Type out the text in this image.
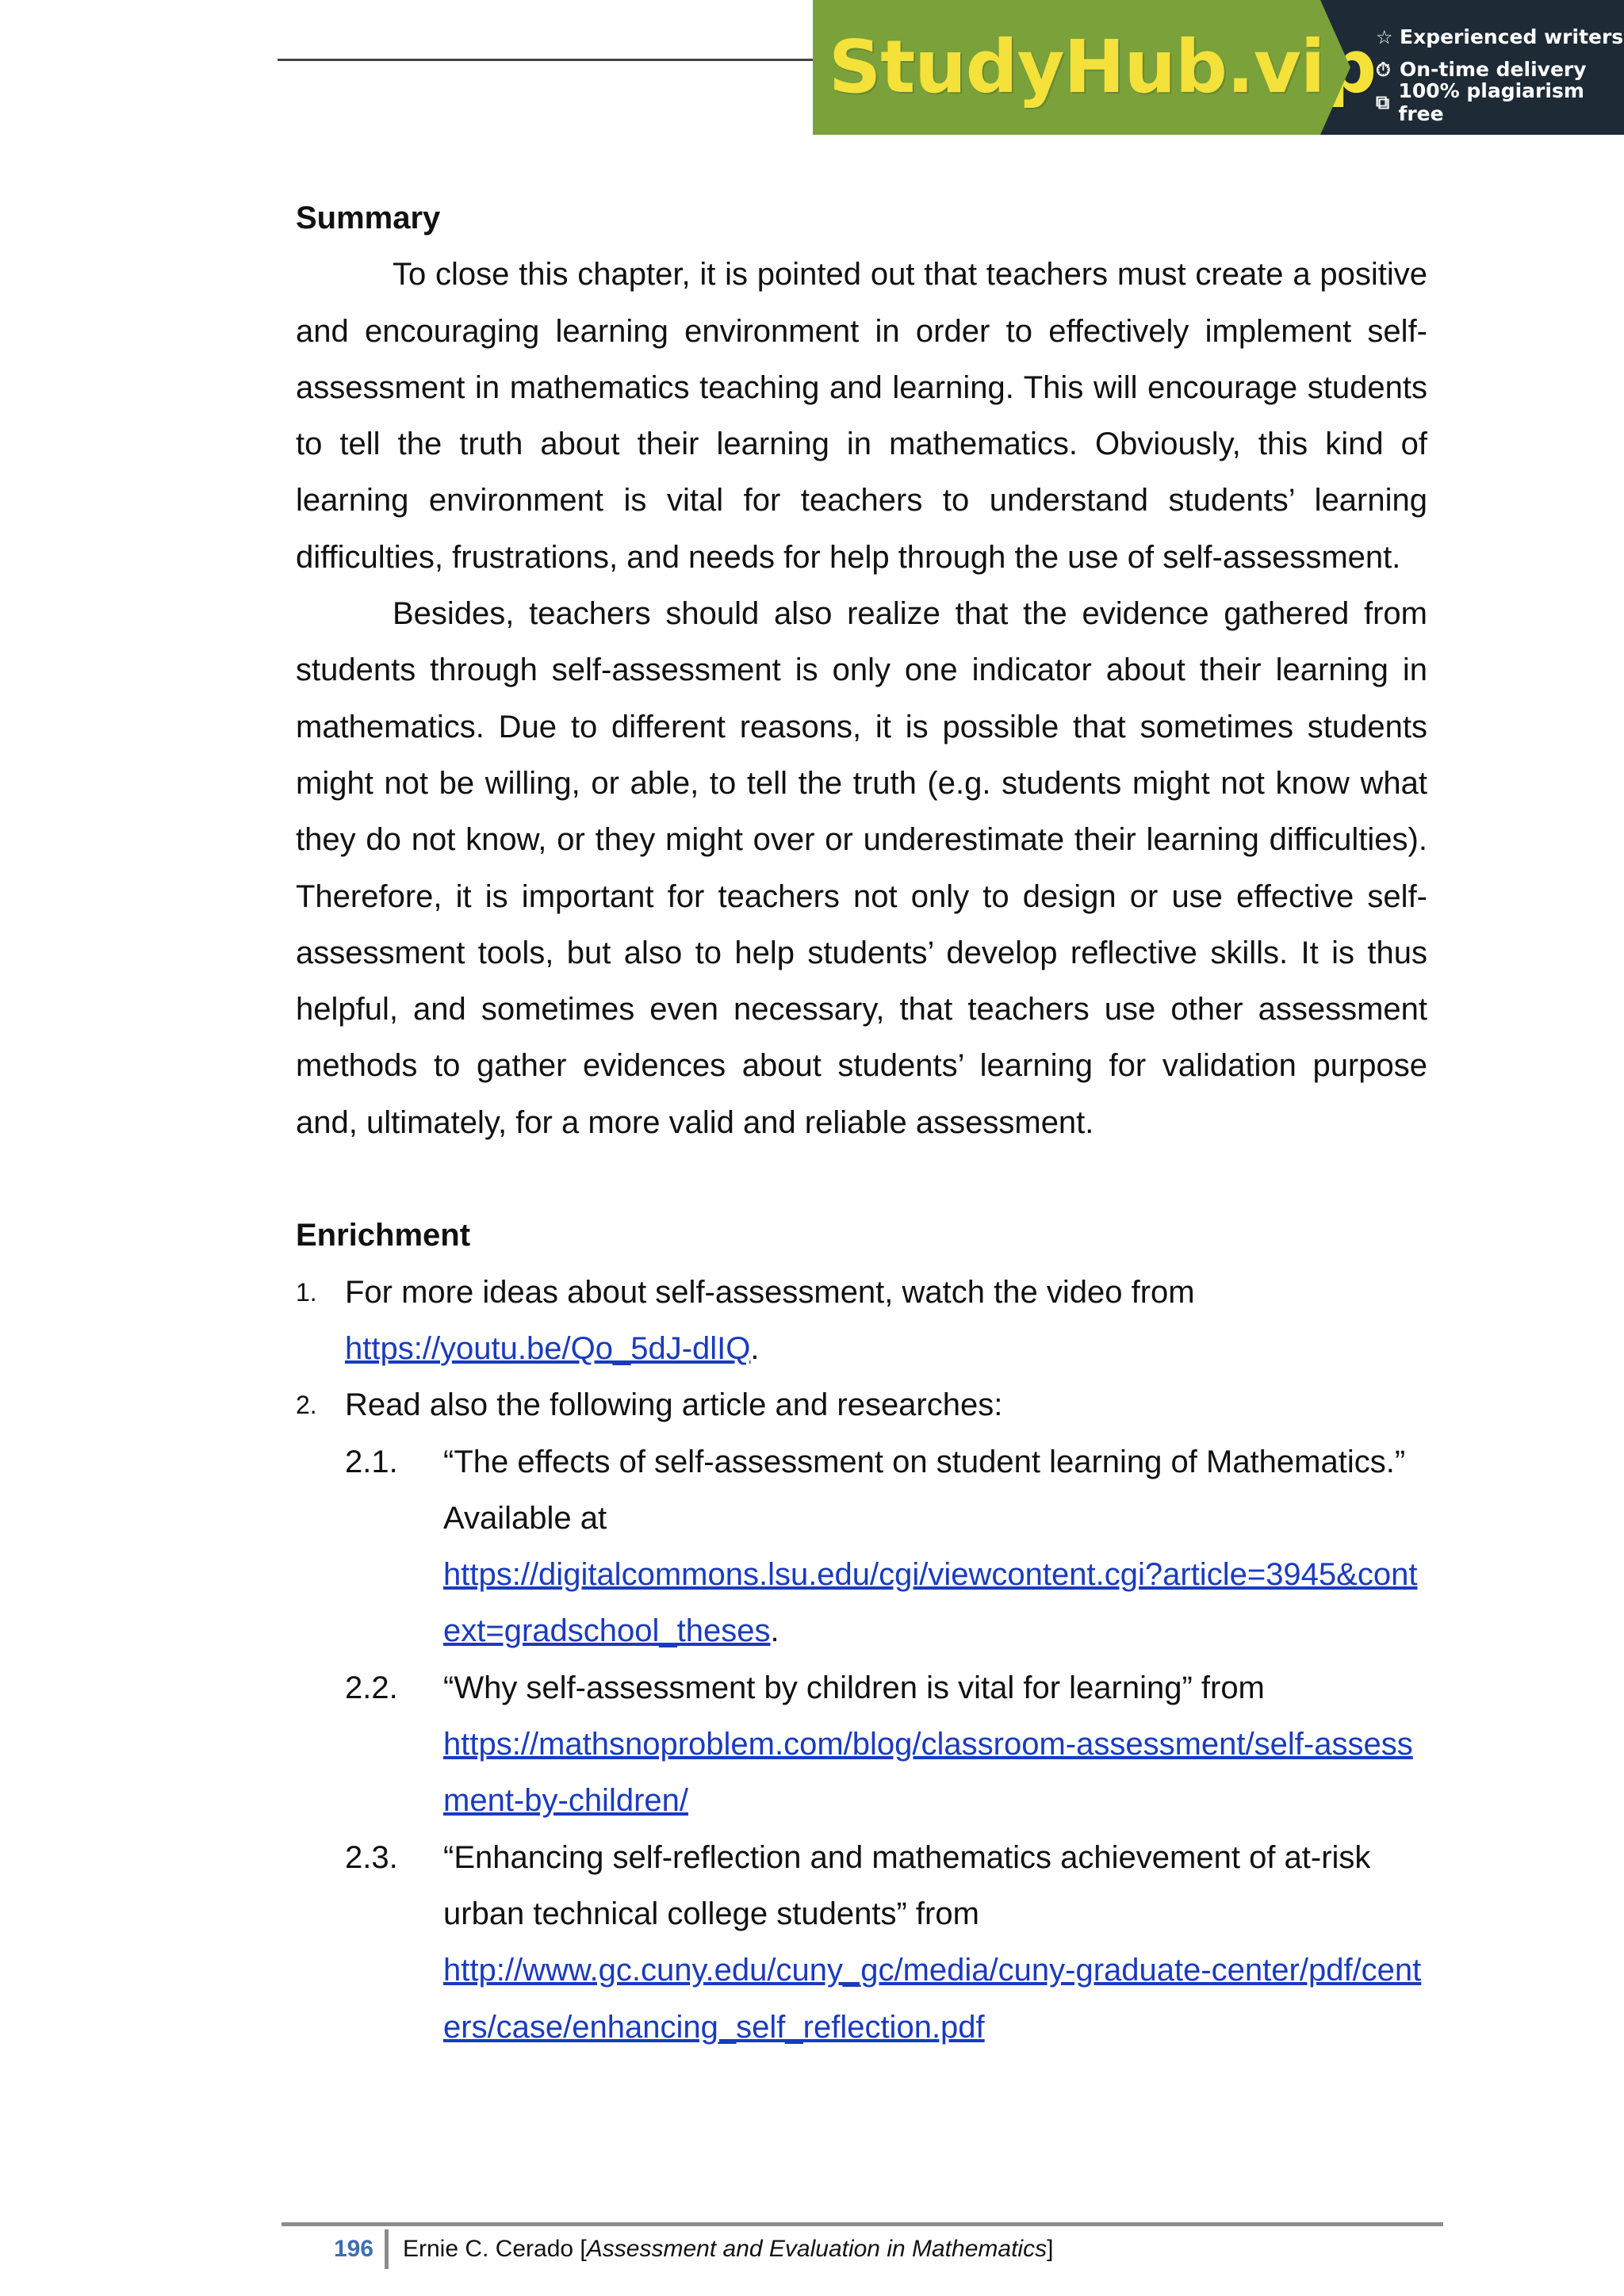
StudyHub.vip ☆ Experienced writers
⏱ On-time delivery
⧉ 100% plagiarism free
Summary

To close this chapter, it is pointed out that teachers must create a positive and encouraging learning environment in order to effectively implement self-assessment in mathematics teaching and learning. This will encourage students to tell the truth about their learning in mathematics. Obviously, this kind of learning environment is vital for teachers to understand students’ learning difficulties, frustrations, and needs for help through the use of self-assessment.

Besides, teachers should also realize that the evidence gathered from students through self-assessment is only one indicator about their learning in mathematics. Due to different reasons, it is possible that sometimes students might not be willing, or able, to tell the truth (e.g. students might not know what they do not know, or they might over or underestimate their learning difficulties). Therefore, it is important for teachers not only to design or use effective self-assessment tools, but also to help students’ develop reflective skills. It is thus helpful, and sometimes even necessary, that teachers use other assessment methods to gather evidences about students’ learning for validation purpose and, ultimately, for a more valid and reliable assessment.

Enrichment
1. For more ideas about self-assessment, watch the video from
https://youtu.be/Qo_5dJ-dlIQ.
2. Read also the following article and researches:
2.1. “The effects of self-assessment on student learning of Mathematics.” Available at
https://digitalcommons.lsu.edu/cgi/viewcontent.cgi?article=3945&context=gradschool_theses.
2.2. “Why self-assessment by children is vital for learning” from
https://mathsnoproblem.com/blog/classroom-assessment/self-assessment-by-children/
2.3. “Enhancing self-reflection and mathematics achievement of at-risk urban technical college students” from
http://www.gc.cuny.edu/cuny_gc/media/cuny-graduate-center/pdf/centers/case/enhancing_self_reflection.pdf
196	Ernie C. Cerado [Assessment and Evaluation in Mathematics]
